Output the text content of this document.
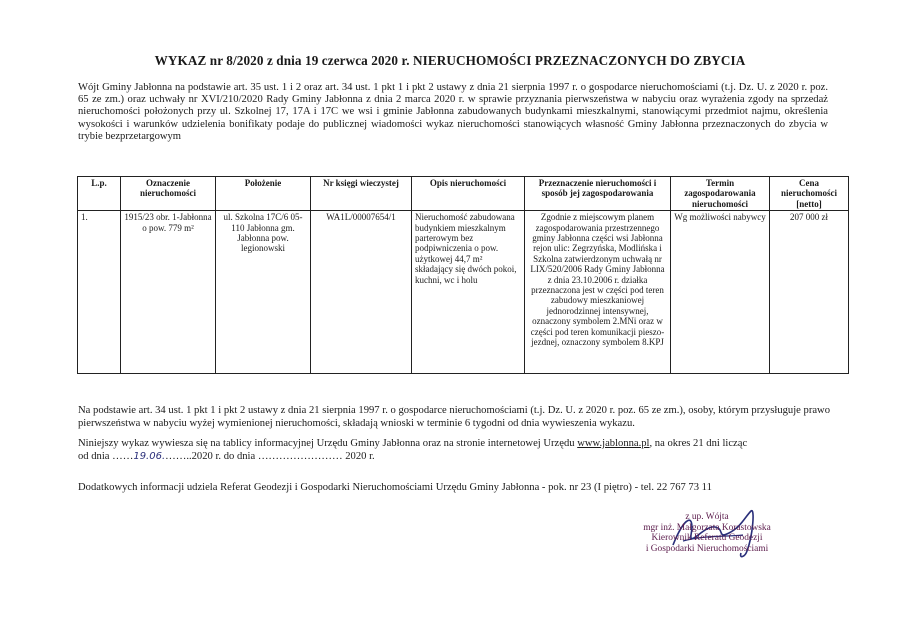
WYKAZ nr 8/2020 z dnia 19 czerwca 2020 r. NIERUCHOMOŚCI PRZEZNACZONYCH DO ZBYCIA
Wójt Gminy Jabłonna na podstawie art. 35 ust. 1 i 2 oraz art. 34 ust. 1 pkt 1 i pkt 2 ustawy z dnia 21 sierpnia 1997 r. o gospodarce nieruchomościami (t.j. Dz. U. z 2020 r. poz. 65 ze zm.) oraz uchwały nr XVI/210/2020 Rady Gminy Jabłonna z dnia 2 marca 2020 r. w sprawie przyznania pierwszeństwa w nabyciu oraz wyrażenia zgody na sprzedaż nieruchomości położonych przy ul. Szkolnej 17, 17A i 17C we wsi i gminie Jabłonna zabudowanych budynkami mieszkalnymi, stanowiącymi przedmiot najmu, określenia wysokości i warunków udzielenia bonifikaty podaje do publicznej wiadomości wykaz nieruchomości stanowiących własność Gminy Jabłonna przeznaczonych do zbycia w trybie bezprzetargowym
L.p.	Oznaczenie nieruchomości	Położenie	Nr księgi wieczystej	Opis nieruchomości	Przeznaczenie nieruchomości i sposób jej zagospodarowania	Termin zagospodarowania nieruchomości	Cena nieruchomości [netto]
1.	1915/23 obr. 1-Jabłonna o pow. 779 m²	ul. Szkolna 17C/6 05-110 Jabłonna gm. Jabłonna pow. legionowski	WA1L/00007654/1	Nieruchomość zabudowana budynkiem mieszkalnym parterowym bez podpiwniczenia o pow. użytkowej 44,7 m² składający się dwóch pokoi, kuchni, wc i holu	Zgodnie z miejscowym planem zagospodarowania przestrzennego gminy Jabłonna części wsi Jabłonna rejon ulic: Zegrzyńska, Modlińska i Szkolna zatwierdzonym uchwałą nr LIX/520/2006 Rady Gminy Jabłonna z dnia 23.10.2006 r. działka przeznaczona jest w części pod teren zabudowy mieszkaniowej jednorodzinnej intensywnej, oznaczony symbolem 2.MNi oraz w części pod teren komunikacji pieszo-jezdnej, oznaczony symbolem 8.KPJ	Wg możliwości nabywcy	207 000 zł
Na podstawie art. 34 ust. 1 pkt 1 i pkt 2 ustawy z dnia 21 sierpnia 1997 r. o gospodarce nieruchomościami (t.j. Dz. U. z 2020 r. poz. 65 ze zm.), osoby, którym przysługuje prawo pierwszeństwa w nabyciu wyżej wymienionej nieruchomości, składają wnioski w terminie 6 tygodni od dnia wywieszenia wykazu.
Niniejszy wykaz wywiesza się na tablicy informacyjnej Urzędu Gminy Jabłonna oraz na stronie internetowej Urzędu www.jablonna.pl, na okres 21 dni licząc
od dnia ……19.06.……..2020 r. do dnia …………………… 2020 r.
Dodatkowych informacji udziela Referat Geodezji i Gospodarki Nieruchomościami Urzędu Gminy Jabłonna - pok. nr 23 (I piętro) - tel. 22 767 73 11
z up. Wójta
mgr inż. Małgorzata Korastowska
Kierownik Referatu Geodezji
i Gospodarki Nieruchomościami
